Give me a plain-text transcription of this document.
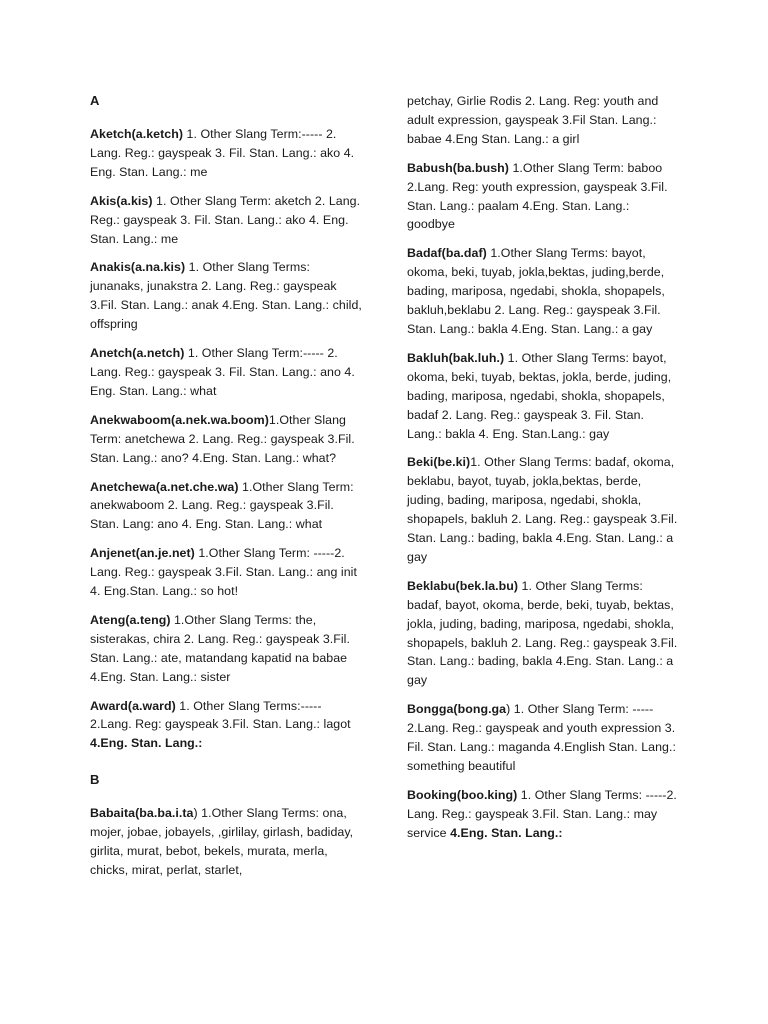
A
Aketch(a.ketch) 1. Other Slang Term:----- 2. Lang. Reg.: gayspeak 3. Fil. Stan. Lang.: ako 4. Eng. Stan. Lang.: me
Akis(a.kis) 1. Other Slang Term: aketch 2. Lang. Reg.: gayspeak 3. Fil. Stan. Lang.: ako 4. Eng. Stan. Lang.: me
Anakis(a.na.kis) 1. Other Slang Terms: junanaks, junakstra 2. Lang. Reg.: gayspeak 3.Fil. Stan. Lang.: anak 4.Eng. Stan. Lang.: child, offspring
Anetch(a.netch) 1. Other Slang Term:----- 2. Lang. Reg.: gayspeak 3. Fil. Stan. Lang.: ano 4. Eng. Stan. Lang.: what
Anekwaboom(a.nek.wa.boom)1.Other Slang Term: anetchewa 2. Lang. Reg.: gayspeak 3.Fil. Stan. Lang.: ano? 4.Eng. Stan. Lang.: what?
Anetchewa(a.net.che.wa) 1.Other Slang Term: anekwaboom 2. Lang. Reg.: gayspeak 3.Fil. Stan. Lang: ano 4. Eng. Stan. Lang.: what
Anjenet(an.je.net) 1.Other Slang Term: -----2. Lang. Reg.: gayspeak 3.Fil. Stan. Lang.: ang init 4. Eng.Stan. Lang.: so hot!
Ateng(a.teng) 1.Other Slang Terms: the, sisterakas, chira 2. Lang. Reg.: gayspeak 3.Fil. Stan. Lang.: ate, matandang kapatid na babae 4.Eng. Stan. Lang.: sister
Award(a.ward) 1. Other Slang Terms:----- 2.Lang. Reg: gayspeak 3.Fil. Stan. Lang.: lagot 4.Eng. Stan. Lang.:
B
Babaita(ba.ba.i.ta) 1.Other Slang Terms: ona, mojer, jobae, jobayels, ,girlilay, girlash, badiday, girlita, murat, bebot, bekels, murata, merla, chicks, mirat, perlat, starlet,
petchay, Girlie Rodis 2. Lang. Reg: youth and adult expression, gayspeak 3.Fil Stan. Lang.: babae 4.Eng Stan. Lang.: a girl
Babush(ba.bush) 1.Other Slang Term: baboo 2.Lang. Reg: youth expression, gayspeak 3.Fil. Stan. Lang.: paalam 4.Eng. Stan. Lang.: goodbye
Badaf(ba.daf) 1.Other Slang Terms: bayot, okoma, beki, tuyab, jokla,bektas, juding,berde, bading, mariposa, ngedabi, shokla, shopapels, bakluh,beklabu 2. Lang. Reg.: gayspeak 3.Fil. Stan. Lang.: bakla 4.Eng. Stan. Lang.: a gay
Bakluh(bak.luh.) 1. Other Slang Terms: bayot, okoma, beki, tuyab, bektas, jokla, berde, juding, bading, mariposa, ngedabi, shokla, shopapels, badaf 2. Lang. Reg.: gayspeak 3. Fil. Stan. Lang.: bakla 4. Eng. Stan.Lang.: gay
Beki(be.ki)1. Other Slang Terms: badaf, okoma, beklabu, bayot, tuyab, jokla,bektas, berde, juding, bading, mariposa, ngedabi, shokla, shopapels, bakluh 2. Lang. Reg.: gayspeak 3.Fil. Stan. Lang.: bading, bakla 4.Eng. Stan. Lang.: a gay
Beklabu(bek.la.bu) 1. Other Slang Terms: badaf, bayot, okoma, berde, beki, tuyab, bektas, jokla, juding, bading, mariposa, ngedabi, shokla, shopapels, bakluh 2. Lang. Reg.: gayspeak 3.Fil. Stan. Lang.: bading, bakla 4.Eng. Stan. Lang.: a gay
Bongga(bong.ga) 1. Other Slang Term: ----- 2.Lang. Reg.: gayspeak and youth expression 3. Fil. Stan. Lang.: maganda 4.English Stan. Lang.: something beautiful
Booking(boo.king) 1. Other Slang Terms: -----2. Lang. Reg.: gayspeak 3.Fil. Stan. Lang.: may service 4.Eng. Stan. Lang.:
